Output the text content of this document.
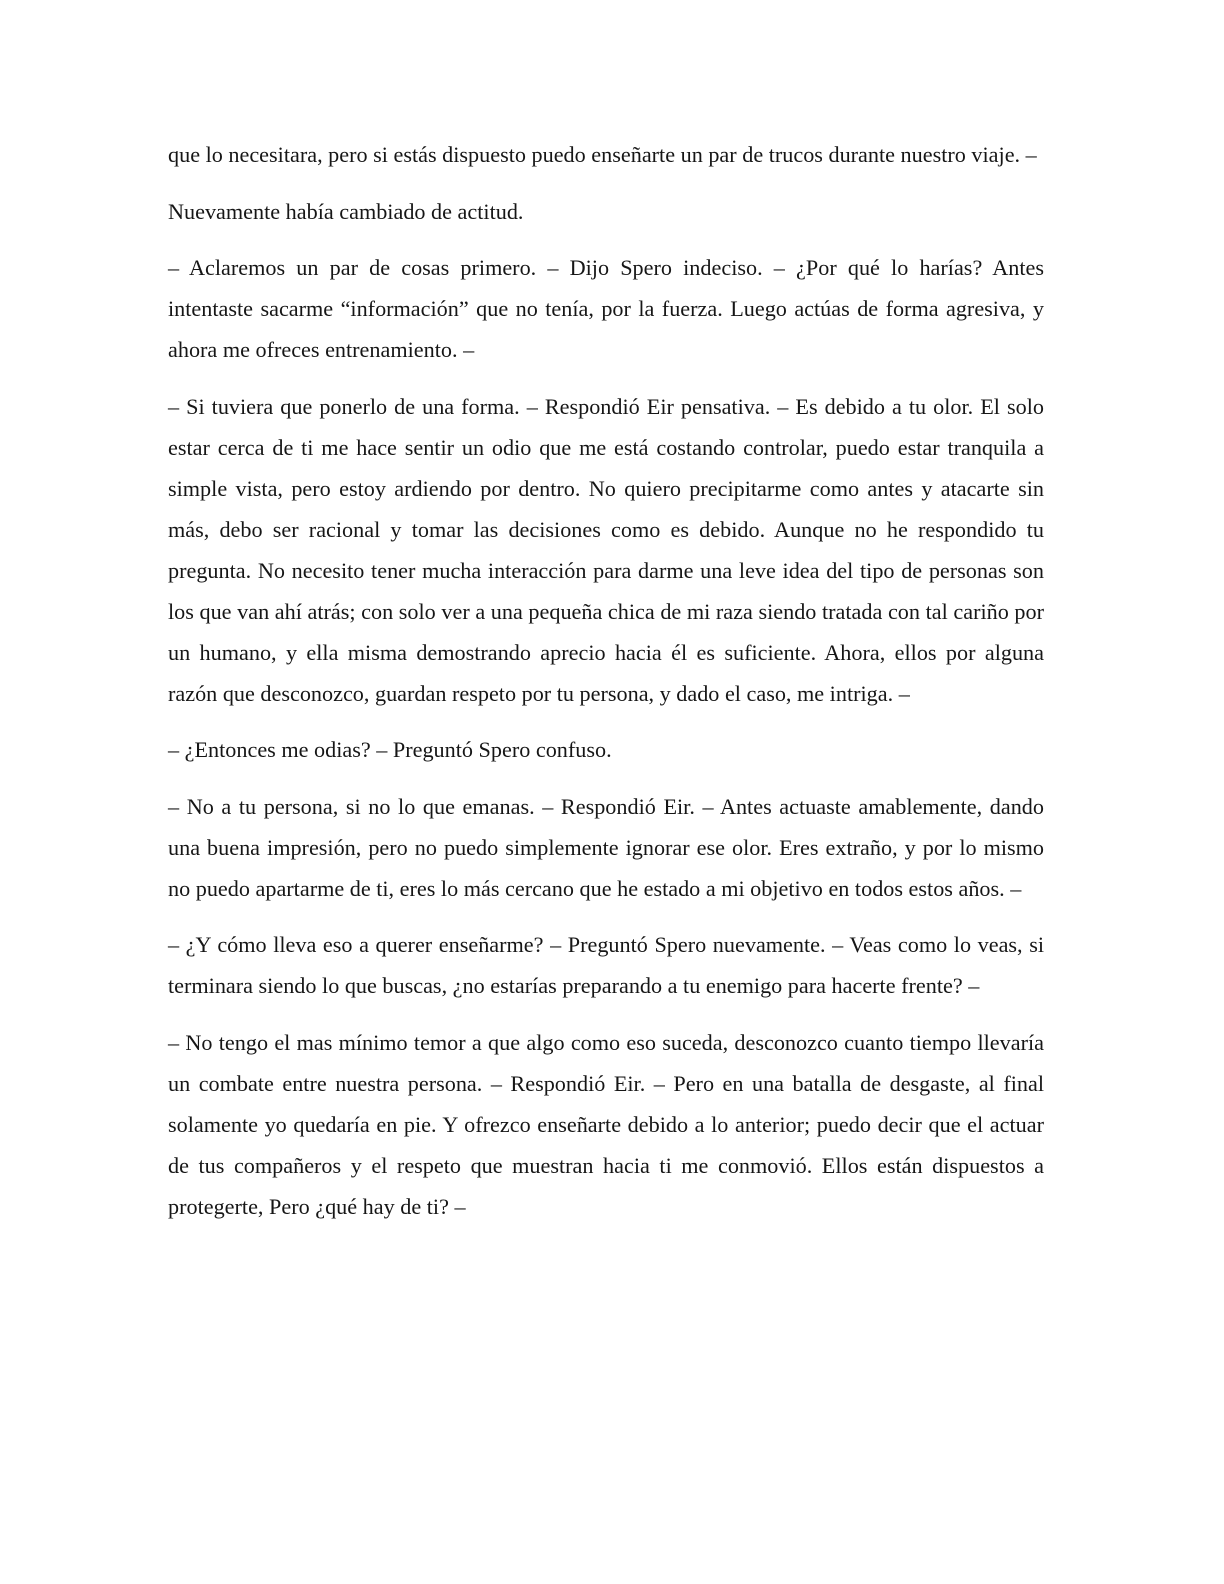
que lo necesitara, pero si estás dispuesto puedo enseñarte un par de trucos durante nuestro viaje. –

Nuevamente había cambiado de actitud.

– Aclaremos un par de cosas primero. – Dijo Spero indeciso. – ¿Por qué lo harías? Antes intentaste sacarme “información” que no tenía, por la fuerza. Luego actúas de forma agresiva, y ahora me ofreces entrenamiento. –

– Si tuviera que ponerlo de una forma. – Respondió Eir pensativa. – Es debido a tu olor. El solo estar cerca de ti me hace sentir un odio que me está costando controlar, puedo estar tranquila a simple vista, pero estoy ardiendo por dentro. No quiero precipitarme como antes y atacarte sin más, debo ser racional y tomar las decisiones como es debido. Aunque no he respondido tu pregunta. No necesito tener mucha interacción para darme una leve idea del tipo de personas son los que van ahí atrás; con solo ver a una pequeña chica de mi raza siendo tratada con tal cariño por un humano, y ella misma demostrando aprecio hacia él es suficiente. Ahora, ellos por alguna razón que desconozco, guardan respeto por tu persona, y dado el caso, me intriga. –

– ¿Entonces me odias? – Preguntó Spero confuso.

– No a tu persona, si no lo que emanas. – Respondió Eir. – Antes actuaste amablemente, dando una buena impresión, pero no puedo simplemente ignorar ese olor. Eres extraño, y por lo mismo no puedo apartarme de ti, eres lo más cercano que he estado a mi objetivo en todos estos años. –

– ¿Y cómo lleva eso a querer enseñarme? – Preguntó Spero nuevamente. – Veas como lo veas, si terminara siendo lo que buscas, ¿no estarías preparando a tu enemigo para hacerte frente? –

– No tengo el mas mínimo temor a que algo como eso suceda, desconozco cuanto tiempo llevaría un combate entre nuestra persona. – Respondió Eir. – Pero en una batalla de desgaste, al final solamente yo quedaría en pie. Y ofrezco enseñarte debido a lo anterior; puedo decir que el actuar de tus compañeros y el respeto que muestran hacia ti me conmovió. Ellos están dispuestos a protegerte, Pero ¿qué hay de ti? –
